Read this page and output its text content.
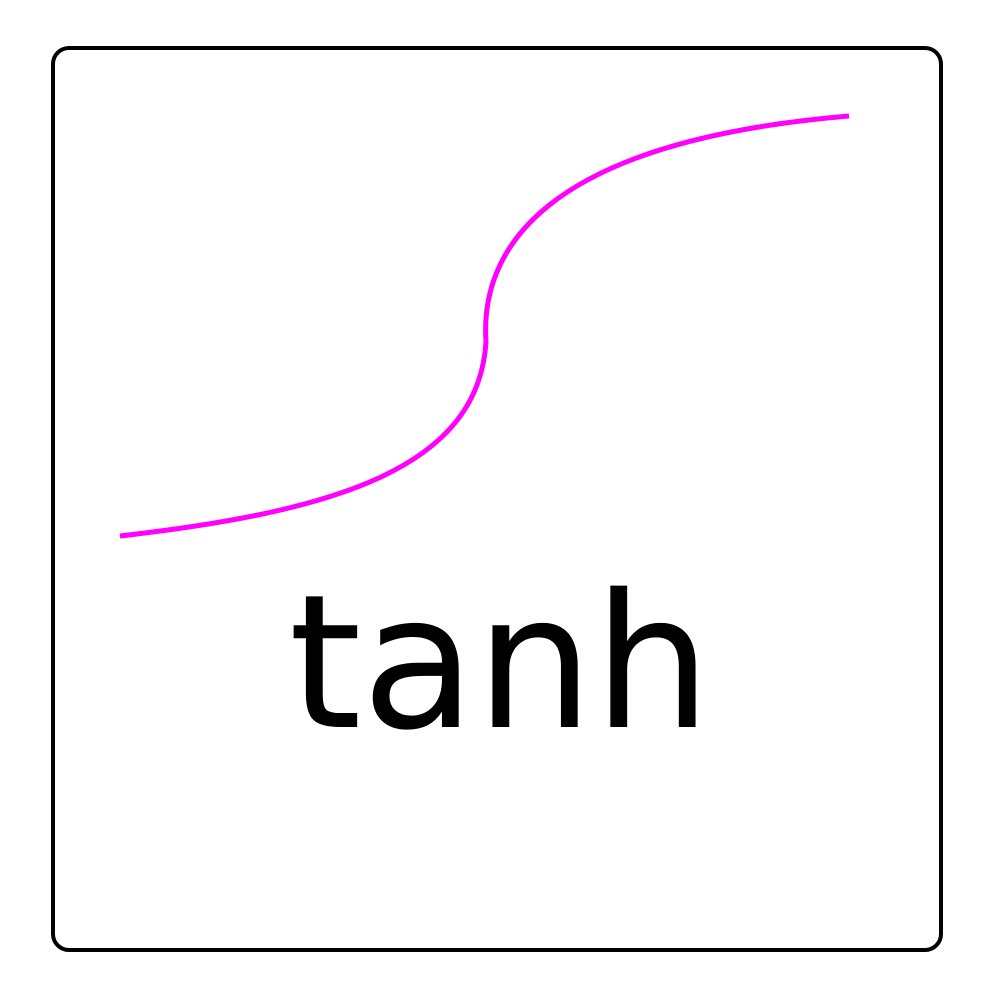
tanh
